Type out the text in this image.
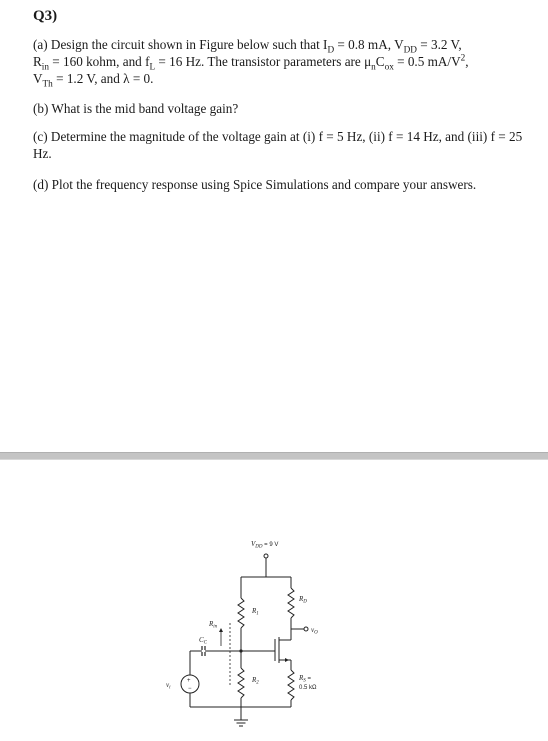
Q3)

(a) Design the circuit shown in Figure below such that $I_D = 0.8$ mA, $V_{DD} = 3.2$ V,
$R_{in} = 160$ kohm, and $f_L = 16$ Hz. The transistor parameters are $\mu_nC_{ox} = 0.5$ $mA/V^2$,
$V_{Th} = 1.2$ V, and λ = 0.

(b) What is the mid band voltage gain?

(c) Determine the magnitude of the voltage gain at (i) f = 5 Hz, (ii) f = 14 Hz, and (iii) f = 25 Hz.

(d) Plot the frequency response using Spice Simulations and compare your answers.

$V_{DD} = 9$ V
$R_1$
$R_D$
$v_O$
$C_C$
$R_{in}$
$R_2$
$R_S$ =
0.5 kΩ
+
−
$v_i$
